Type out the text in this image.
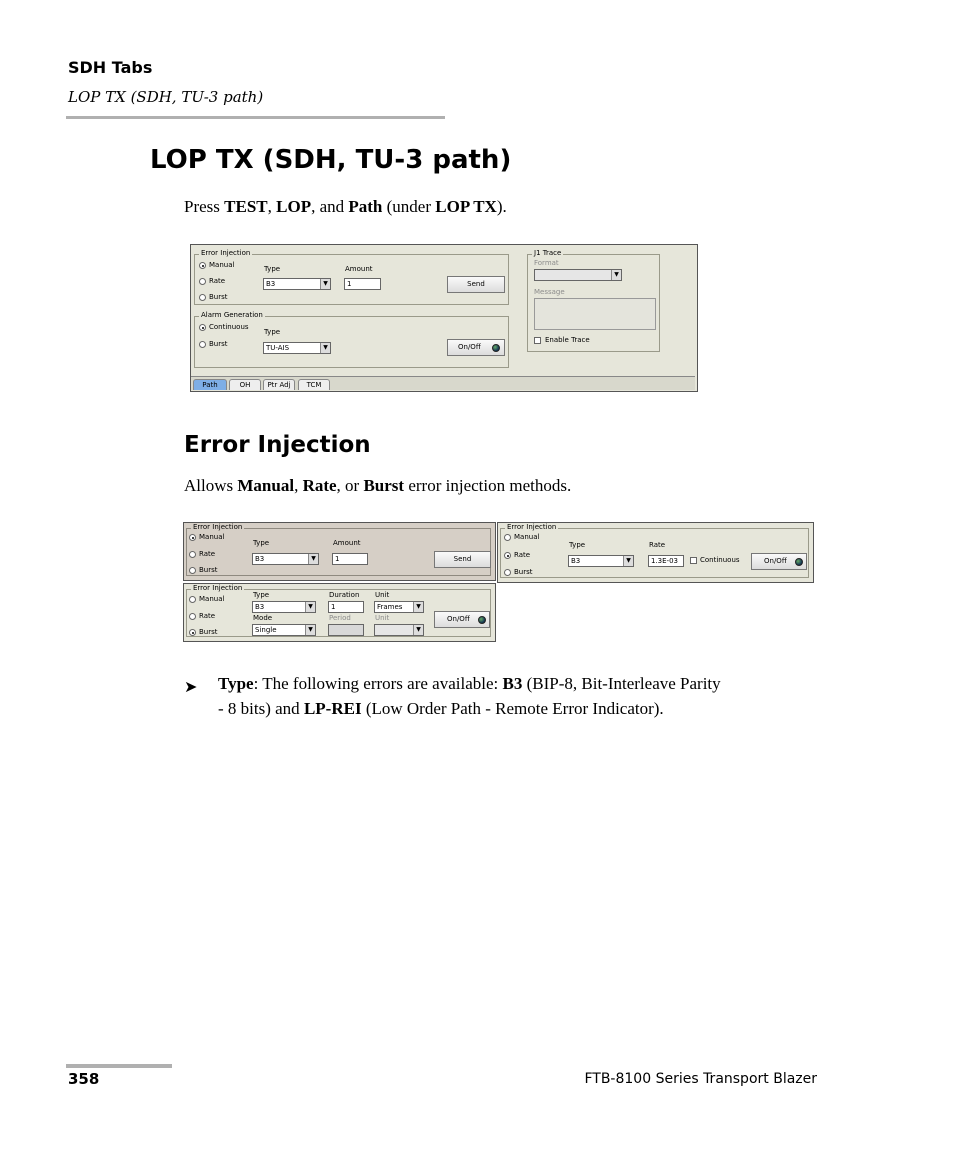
SDH Tabs
LOP TX (SDH, TU-3 path)
LOP TX (SDH, TU-3 path)
Press TEST, LOP, and Path (under LOP TX).
Error Injection
Manual
Rate
Burst
Type
B3	▼
Amount
1	Send
Alarm Generation
Continuous
Burst
Type
TU-AIS	▼	On/Off
J1 Trace
Format
▼
Message
Enable Trace
Path	OH	Ptr Adj	TCM
Error Injection
Allows Manual, Rate, or Burst error injection methods.
Error Injection
Manual
Rate
Burst
Type
B3	▼
Amount
1	Send
Error Injection
Manual
Rate
Burst
Type
B3	▼
Rate
1.3E-03	Continuous	On/Off
Error Injection
Manual
Rate
Burst
Type
B3	▼
Duration
1
Unit
Frames	▼
Mode
Single	▼
Period	Unit
▼
On/Off
➤ Type: The following errors are available: B3 (BIP-8, Bit-Interleave Parity
- 8 bits) and LP-REI (Low Order Path - Remote Error Indicator).
358	FTB-8100 Series Transport Blazer
